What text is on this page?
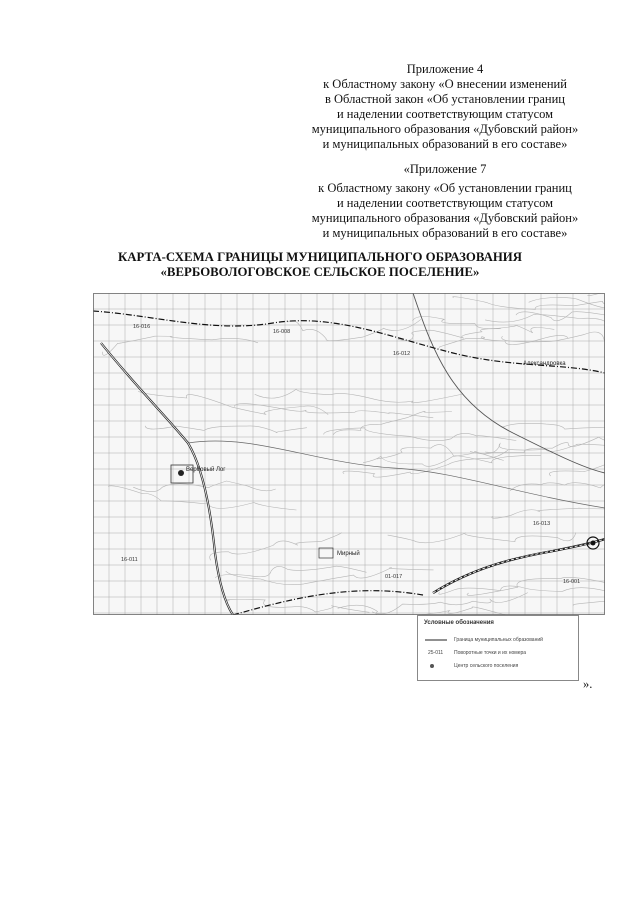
Приложение 4
к Областному закону «О внесении изменений
в Областной закон «Об установлении границ
и наделении соответствующим статусом
муниципального образования «Дубовский район»
и муниципальных образований в его составе»
«Приложение 7
к Областному закону «Об установлении границ
и наделении соответствующим статусом
муниципального образования «Дубовский район»
и муниципальных образований в его составе»
КАРТА-СХЕМА ГРАНИЦЫ МУНИЦИПАЛЬНОГО ОБРАЗОВАНИЯ
«ВЕРБОВОЛОГОВСКОЕ СЕЛЬСКОЕ ПОСЕЛЕНИЕ»
Вербовый Лог
Мирный
Александровка
16-016
16-008
16-012
16-011
01-017
16-013
16-001
Условные обозначения
Граница муниципальных образований
25-011	Поворотные точки и их номера
Центр сельского поселения
».
